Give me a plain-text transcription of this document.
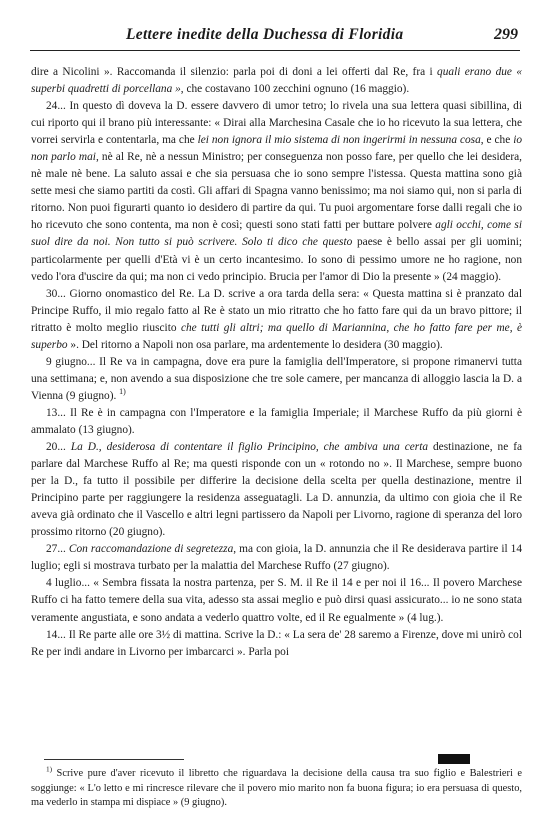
Lettere inedite della Duchessa di Floridia	299

dire a Nicolini ». Raccomanda il silenzio: parla poi di doni a lei offerti dal Re, fra i quali erano due « superbi quadretti di porcellana », che costavano 100 zecchini ognuno (16 maggio).

24... In questo dì doveva la D. essere davvero di umor tetro; lo rivela una sua lettera quasi sibillina, di cui riporto qui il brano più interessante: « Dirai alla Marchesina Casale che io ho ricevuto la sua lettera, che vorrei servirla e contentarla, ma che lei non ignora il mio sistema di non ingerirmi in nessuna cosa, e che io non parlo mai, nè al Re, nè a nessun Ministro; per conseguenza non posso fare, per quello che lei desidera, nè male nè bene. La saluto assai e che sia persuasa che io sono sempre l'istessa. Questa mattina sono già sette mesi che siamo partiti da costì. Gli affari di Spagna vanno benissimo; ma noi siamo qui, non si parla di ritorno. Non puoi figurarti quanto io desidero di partire da qui. Tu puoi argomentare forse dalli regali che io ho ricevuto che sono contenta, ma non è così; questi sono stati fatti per buttare polvere agli occhi, come si suol dire da noi. Non tutto si può scrivere. Solo ti dico che questo paese è bello assai per gli uomini; particolarmente per quelli d'Età vi è un certo incantesimo. Io sono di pessimo umore ne ho ragione, non vedo l'ora d'uscire da qui; ma non ci vedo principio. Brucia per l'amor di Dio la presente » (24 maggio).

30... Giorno onomastico del Re. La D. scrive a ora tarda della sera: « Questa mattina si è pranzato dal Principe Ruffo, il mio regalo fatto al Re è stato un mio ritratto che ho fatto fare qui da un bravo pittore; il ritratto è molto meglio riuscito che tutti gli altri; ma quello di Mariannina, che ho fatto fare per me, è superbo ». Del ritorno a Napoli non osa parlare, ma ardentemente lo desidera (30 maggio).

9 giugno... Il Re va in campagna, dove era pure la famiglia dell'Imperatore, si propone rimanervi tutta una settimana; e, non avendo a sua disposizione che tre sole camere, per mancanza di alloggio lascia la D. a Vienna (9 giugno). $^{1)}$

13... Il Re è in campagna con l'Imperatore e la famiglia Imperiale; il Marchese Ruffo da più giorni è ammalato (13 giugno).

20... La D., desiderosa di contentare il figlio Principino, che ambiva una certa destinazione, ne fa parlare dal Marchese Ruffo al Re; ma questi risponde con un « rotondo no ». Il Marchese, sempre buono per la D., fa tutto il possibile per differire la decisione della scelta per quella destinazione, mentre il Principino parte per raggiungere la residenza asseguatagli. La D. annunzia, da ultimo con gioia che il Re aveva già ordinato che il Vascello e altri legni partissero da Napoli per Livorno, ragione di speranza del loro prossimo ritorno (20 giugno).

27... Con raccomandazione di segretezza, ma con gioia, la D. annunzia che il Re desiderava partire il 14 luglio; egli si mostrava turbato per la malattia del Marchese Ruffo (27 giugno).

4 luglio... « Sembra fissata la nostra partenza, per S. M. il Re il 14 e per noi il 16... Il povero Marchese Ruffo ci ha fatto temere della sua vita, adesso sta assai meglio e può dirsi quasi assicurato... io ne sono stata veramente angustiata, e sono andata a vederlo quattro volte, ed il Re egualmente » (4 lug.).

14... Il Re parte alle ore 3½ di mattina. Scrive la D.: « La sera de' 28 saremo a Firenze, dove mi unirò col Re per indi andare in Livorno per imbarcarci ». Parla poi

$^{1)}$ Scrive pure d'aver ricevuto il libretto che riguardava la decisione della causa tra suo figlio e Balestrieri e soggiunge: « L'o letto e mi rincresce rilevare che il povero mio marito non fa buona figura; io era persuasa di questo, ma vederlo in stampa mi dispiace » (9 giugno).
